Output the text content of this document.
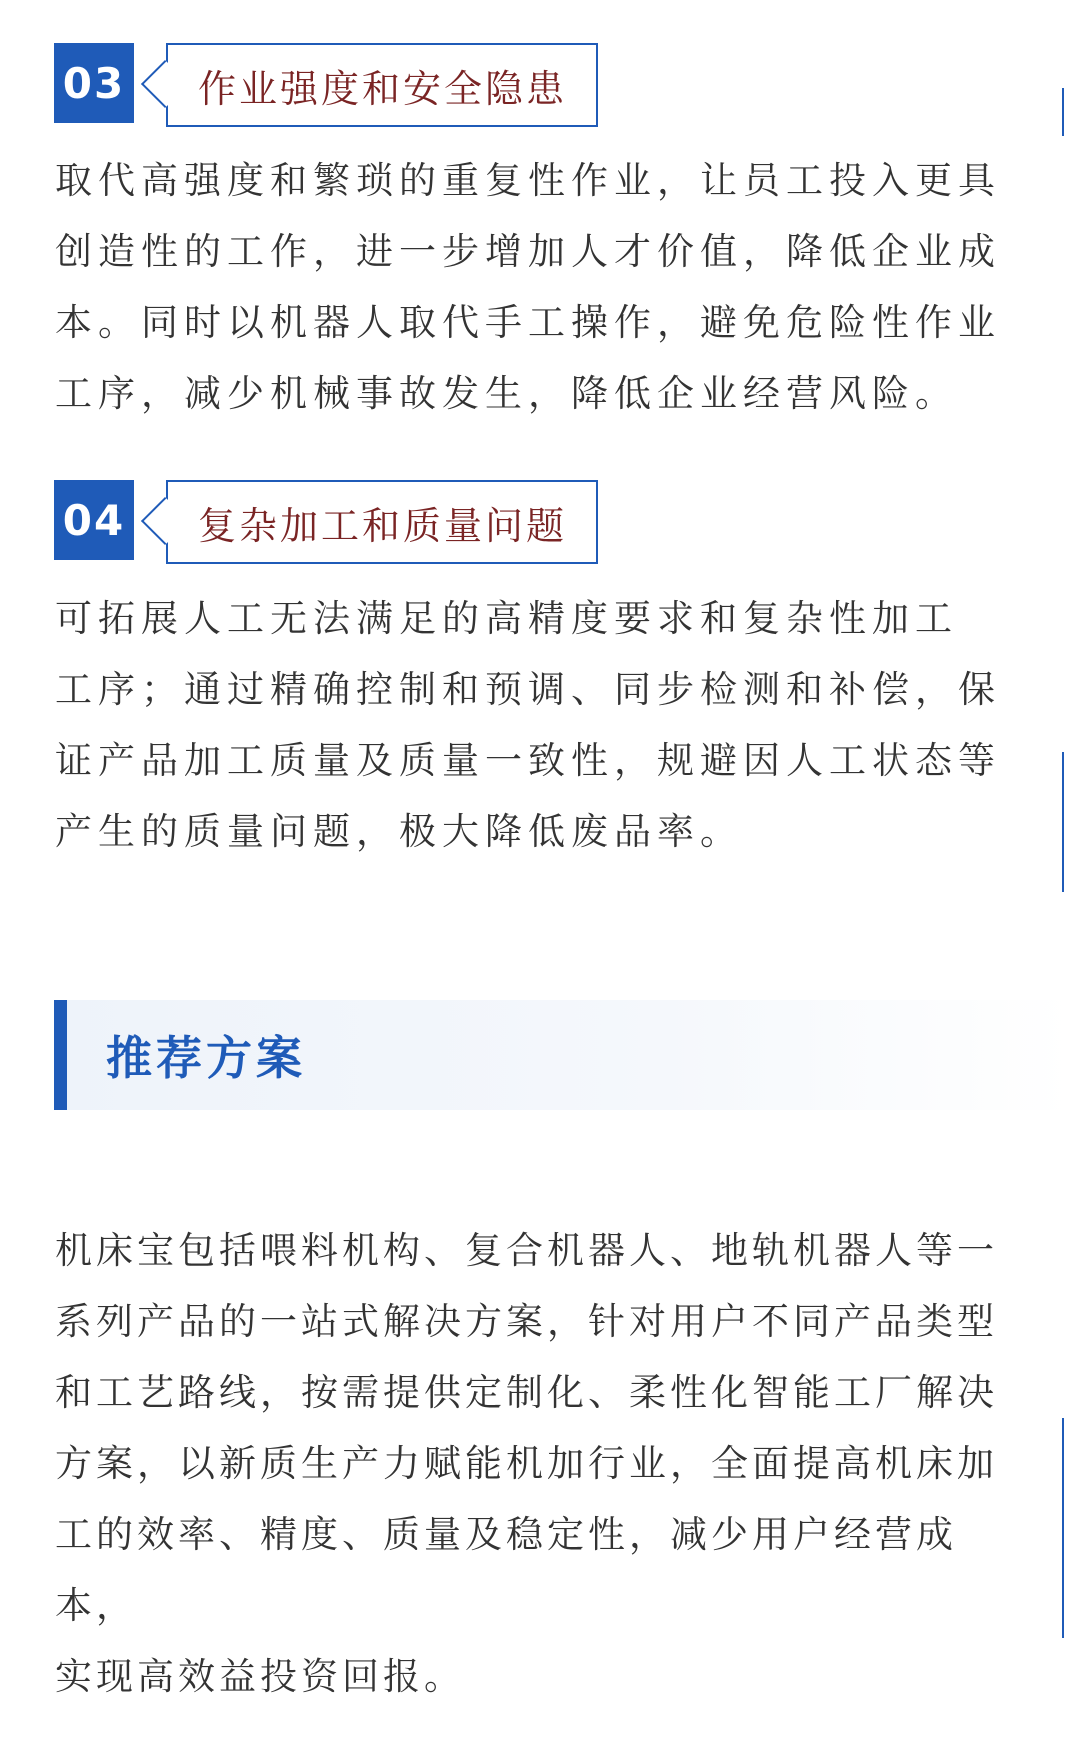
03 作业强度和安全隐患

取代高强度和繁琐的重复性作业，让员工投入更具
创造性的工作，进一步增加人才价值，降低企业成
本。同时以机器人取代手工操作，避免危险性作业
工序，减少机械事故发生，降低企业经营风险。

04 复杂加工和质量问题

可拓展人工无法满足的高精度要求和复杂性加工
工序；通过精确控制和预调、同步检测和补偿，保
证产品加工质量及质量一致性，规避因人工状态等
产生的质量问题，极大降低废品率。

推荐方案

机床宝包括喂料机构、复合机器人、地轨机器人等一
系列产品的一站式解决方案，针对用户不同产品类型
和工艺路线，按需提供定制化、柔性化智能工厂解决
方案，以新质生产力赋能机加行业，全面提高机床加
工的效率、精度、质量及稳定性，减少用户经营成本，
实现高效益投资回报。
